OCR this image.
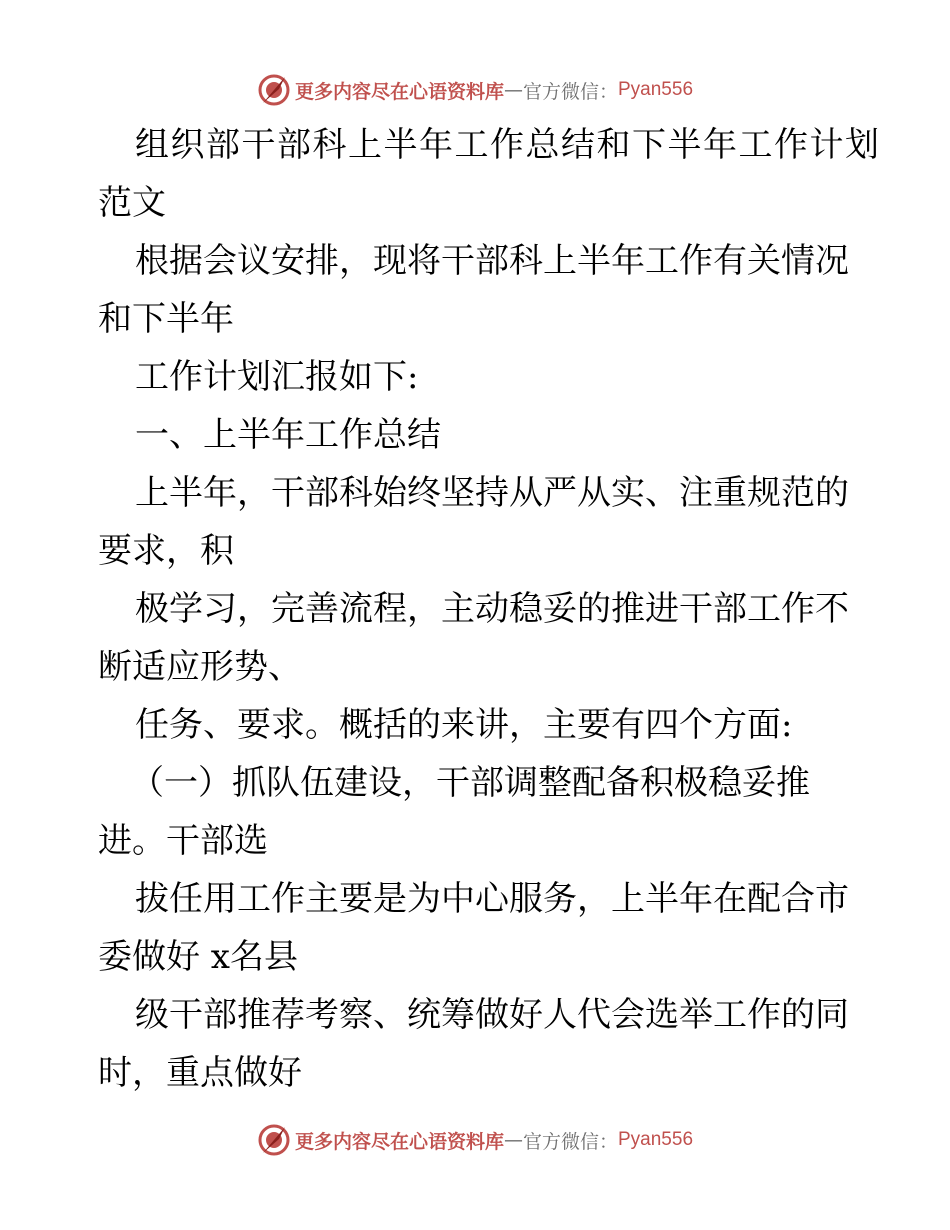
更多内容尽在心语资料库 — 官方微信： Pyan556
组织部干部科上半年工作总结和下半年工作计划
范文
根据会议安排，现将干部科上半年工作有关情况
和下半年
工作计划汇报如下:
一、上半年工作总结
上半年，干部科始终坚持从严从实、注重规范的
要求，积
极学习，完善流程，主动稳妥的推进干部工作不
断适应形势、
任务、要求。概括的来讲，主要有四个方面:
（一）抓队伍建设，干部调整配备积极稳妥推
进。干部选
拔任用工作主要是为中心服务，上半年在配合市
委做好 x名县
级干部推荐考察、统筹做好人代会选举工作的同
时，重点做好
更多内容尽在心语资料库 — 官方微信： Pyan556
